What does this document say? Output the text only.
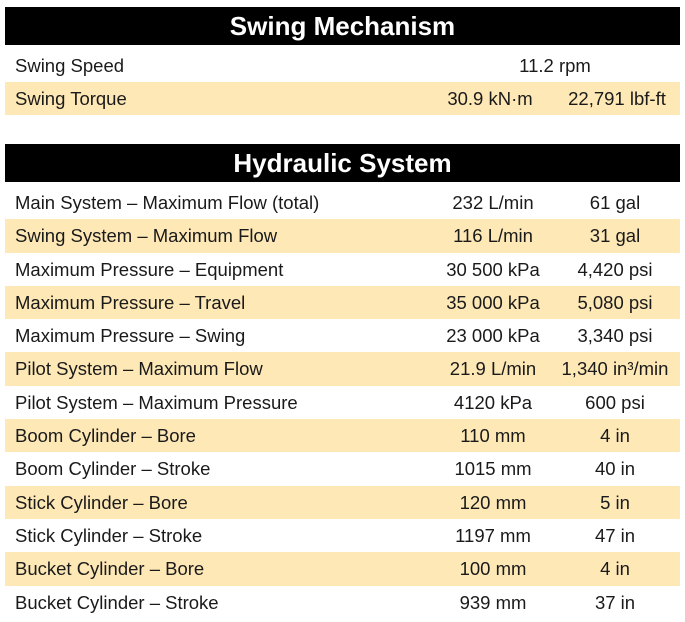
Swing Mechanism
Swing Speed	11.2 rpm
Swing Torque	30.9 kN·m	22,791 lbf-ft
Hydraulic System
Main System – Maximum Flow (total)	232 L/min	61 gal
Swing System – Maximum Flow	116 L/min	31 gal
Maximum Pressure – Equipment	30 500 kPa	4,420 psi
Maximum Pressure – Travel	35 000 kPa	5,080 psi
Maximum Pressure – Swing	23 000 kPa	3,340 psi
Pilot System – Maximum Flow	21.9 L/min	1,340 in³/min
Pilot System – Maximum Pressure	4120 kPa	600 psi
Boom Cylinder – Bore	110 mm	4 in
Boom Cylinder – Stroke	1015 mm	40 in
Stick Cylinder – Bore	120 mm	5 in
Stick Cylinder – Stroke	1197 mm	47 in
Bucket Cylinder – Bore	100 mm	4 in
Bucket Cylinder – Stroke	939 mm	37 in
